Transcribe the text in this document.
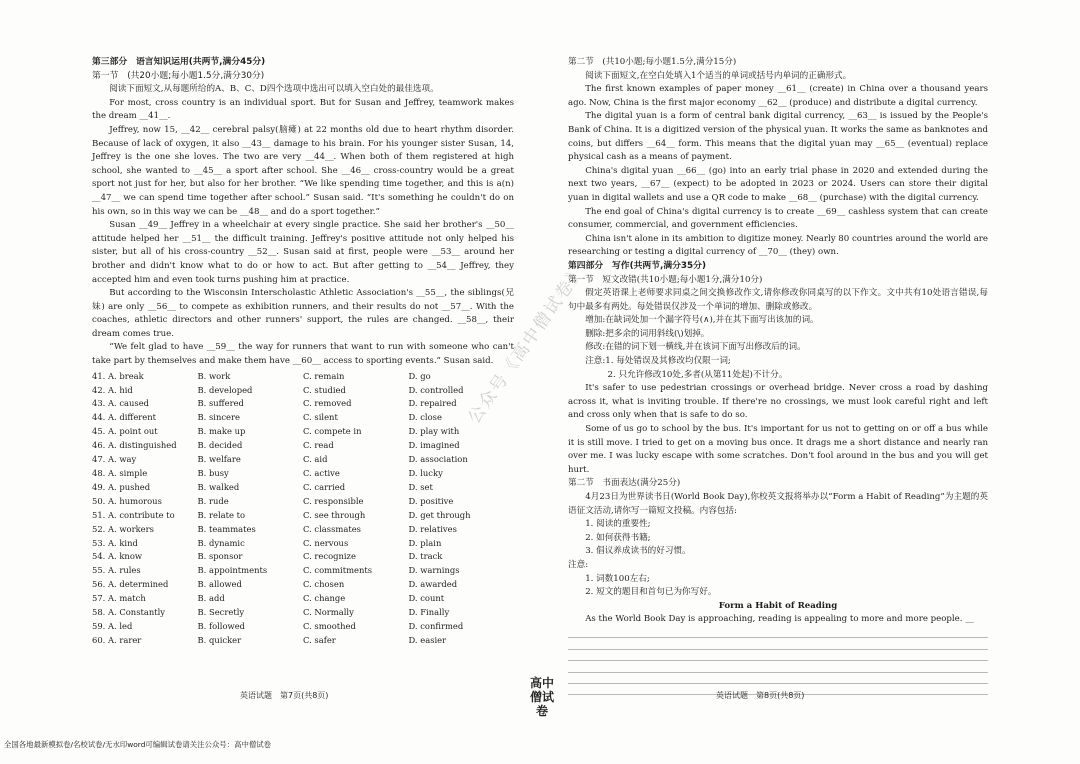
第三部分　语言知识运用(共两节,满分45分)
第一节　(共20小题;每小题1.5分,满分30分)

阅读下面短文,从每题所给的A、B、C、D四个选项中选出可以填入空白处的最佳选项。

For most, cross country is an individual sport. But for Susan and Jeffrey, teamwork makes the dream __41__.

Jeffrey, now 15, __42__ cerebral palsy(脑瘫) at 22 months old due to heart rhythm disorder. Because of lack of oxygen, it also __43__ damage to his brain. For his younger sister Susan, 14, Jeffrey is the one she loves. The two are very __44__. When both of them registered at high school, she wanted to __45__ a sport after school. She __46__ cross-country would be a great sport not just for her, but also for her brother. “We like spending time together, and this is a(n) __47__ we can spend time together after school.” Susan said. “It's something he couldn't do on his own, so in this way we can be __48__ and do a sport together.”

Susan __49__ Jeffrey in a wheelchair at every single practice. She said her brother's __50__ attitude helped her __51__ the difficult training. Jeffrey's positive attitude not only helped his sister, but all of his cross-country __52__. Susan said at first, people were __53__ around her brother and didn't know what to do or how to act. But after getting to __54__ Jeffrey, they accepted him and even took turns pushing him at practice.

But according to the Wisconsin Interscholastic Athletic Association's __55__, the siblings(兄妹) are only __56__ to compete as exhibition runners, and their results do not __57__. With the coaches, athletic directors and other runners' support, the rules are changed. __58__, their dream comes true.

“We felt glad to have __59__ the way for runners that want to run with someone who can't take part by themselves and make them have __60__ access to sporting events.” Susan said.

41. A. break	B. work	C. remain	D. go
42. A. hid	B. developed	C. studied	D. controlled
43. A. caused	B. suffered	C. removed	D. repaired
44. A. different	B. sincere	C. silent	D. close
45. A. point out	B. make up	C. compete in	D. play with
46. A. distinguished	B. decided	C. read	D. imagined
47. A. way	B. welfare	C. aid	D. association
48. A. simple	B. busy	C. active	D. lucky
49. A. pushed	B. walked	C. carried	D. set
50. A. humorous	B. rude	C. responsible	D. positive
51. A. contribute to	B. relate to	C. see through	D. get through
52. A. workers	B. teammates	C. classmates	D. relatives
53. A. kind	B. dynamic	C. nervous	D. plain
54. A. know	B. sponsor	C. recognize	D. track
55. A. rules	B. appointments	C. commitments	D. warnings
56. A. determined	B. allowed	C. chosen	D. awarded
57. A. match	B. add	C. change	D. count
58. A. Constantly	B. Secretly	C. Normally	D. Finally
59. A. led	B. followed	C. smoothed	D. confirmed
60. A. rarer	B. quicker	C. safer	D. easier
第二节　(共10小题;每小题1.5分,满分15分)

阅读下面短文,在空白处填入1个适当的单词或括号内单词的正确形式。

The first known examples of paper money __61__ (create) in China over a thousand years ago. Now, China is the first major economy __62__ (produce) and distribute a digital currency.

The digital yuan is a form of central bank digital currency, __63__ is issued by the People's Bank of China. It is a digitized version of the physical yuan. It works the same as banknotes and coins, but differs __64__ form. This means that the digital yuan may __65__ (eventual) replace physical cash as a means of payment.

China's digital yuan __66__ (go) into an early trial phase in 2020 and extended during the next two years, __67__ (expect) to be adopted in 2023 or 2024. Users can store their digital yuan in digital wallets and use a QR code to make __68__ (purchase) with the digital currency.

The end goal of China's digital currency is to create __69__ cashless system that can create consumer, commercial, and government efficiencies.

China isn't alone in its ambition to digitize money. Nearly 80 countries around the world are researching or testing a digital currency of __70__ (they) own.

第四部分　写作(共两节,满分35分)
第一节　短文改错(共10小题;每小题1分,满分10分)

假定英语课上老师要求同桌之间交换修改作文,请你修改你同桌写的以下作文。文中共有10处语言错误,每句中最多有两处。每处错误仅涉及一个单词的增加、删除或修改。

增加:在缺词处加一个漏字符号(∧),并在其下面写出该加的词。

删除:把多余的词用斜线(\)划掉。

修改:在错的词下划一横线,并在该词下面写出修改后的词。

注意:1. 每处错误及其修改均仅限一词;

2. 只允许修改10处,多者(从第11处起)不计分。

It's safer to use pedestrian crossings or overhead bridge. Never cross a road by dashing across it, what is inviting trouble. If there're no crossings, we must look careful right and left and cross only when that is safe to do so.

Some of us go to school by the bus. It's important for us not to getting on or off a bus while it is still move. I tried to get on a moving bus once. It drags me a short distance and nearly ran over me. I was lucky escape with some scratches. Don't fool around in the bus and you will get hurt.

第二节　书面表达(满分25分)

4月23日为世界读书日(World Book Day),你校英文报将举办以“Form a Habit of Reading”为主题的英语征文活动,请你写一篇短文投稿。内容包括:

1. 阅读的重要性;
2. 如何获得书籍;
3. 倡议养成读书的好习惯。
注意:
1. 词数100左右;
2. 短文的题目和首句已为你写好。
Form a Habit of Reading

As the World Book Day is approaching, reading is appealing to more and more people. __

英语试题　第7页(共8页)	英语试题　第8页(共8页)
公众号《高中僧试卷》
高中僧试卷
全国各地最新模拟卷/名校试卷/无水印word可编辑试卷请关注公众号：高中僧试卷
